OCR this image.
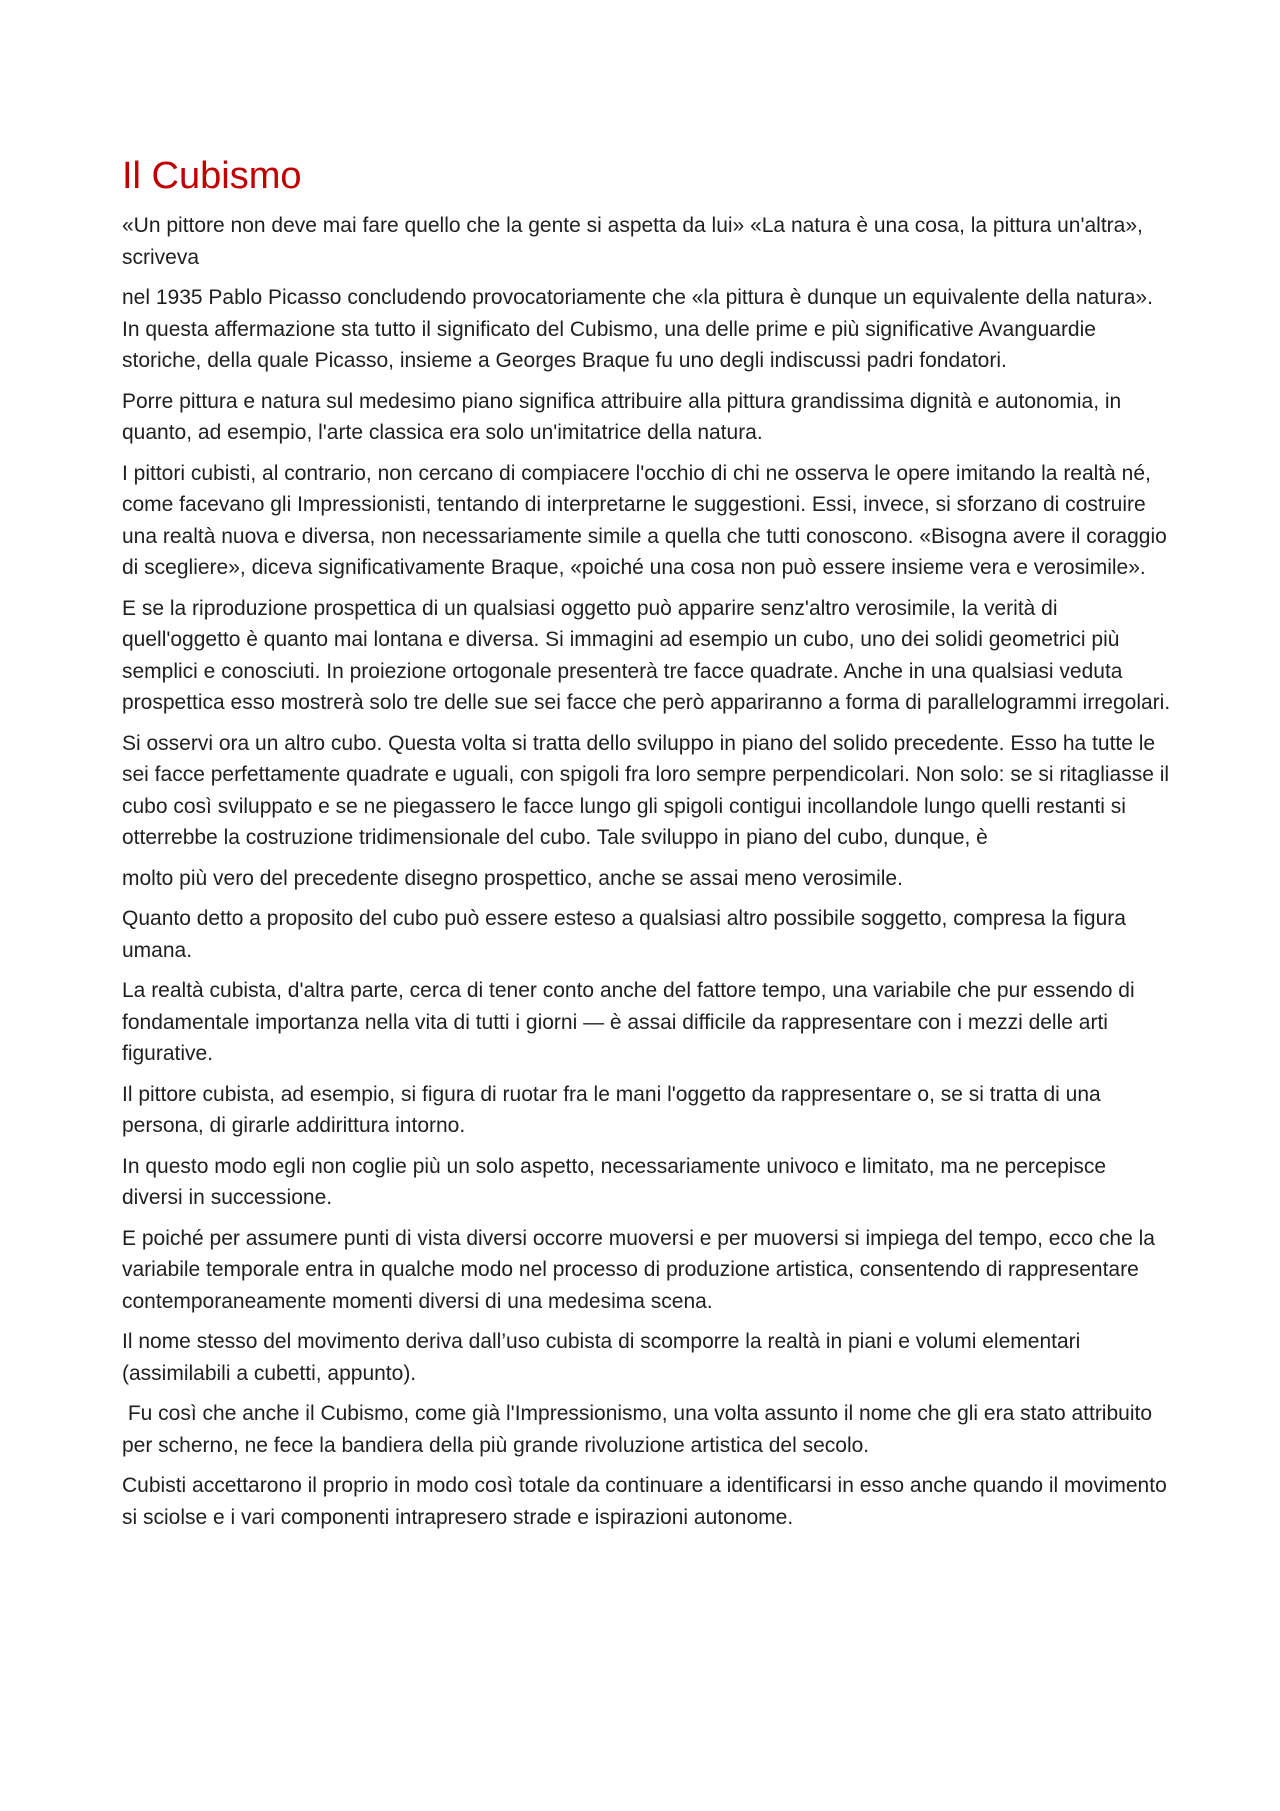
Il Cubismo

«Un pittore non deve mai fare quello che la gente si aspetta da lui» «La natura è una cosa, la pittura un'altra», scriveva

nel 1935 Pablo Picasso concludendo provocatoriamente che «la pittura è dunque un equivalente della natura». In questa affermazione sta tutto il significato del Cubismo, una delle prime e più significative Avanguardie storiche, della quale Picasso, insieme a Georges Braque fu uno degli indiscussi padri fondatori.

Porre pittura e natura sul medesimo piano significa attribuire alla pittura grandissima dignità e autonomia, in quanto, ad esempio, l'arte classica era solo un'imitatrice della natura.

I pittori cubisti, al contrario, non cercano di compiacere l'occhio di chi ne osserva le opere imitando la realtà né, come facevano gli Impressionisti, tentando di interpretarne le suggestioni. Essi, invece, si sforzano di costruire una realtà nuova e diversa, non necessariamente simile a quella che tutti conoscono. «Bisogna avere il coraggio di scegliere», diceva significativamente Braque, «poiché una cosa non può essere insieme vera e verosimile».

E se la riproduzione prospettica di un qualsiasi oggetto può apparire senz'altro verosimile, la verità di quell'oggetto è quanto mai lontana e diversa. Si immagini ad esempio un cubo, uno dei solidi geometrici più semplici e conosciuti. In proiezione ortogonale presenterà tre facce quadrate. Anche in una qualsiasi veduta prospettica esso mostrerà solo tre delle sue sei facce che però appariranno a forma di parallelogrammi irregolari.

Si osservi ora un altro cubo. Questa volta si tratta dello sviluppo in piano del solido precedente. Esso ha tutte le sei facce perfettamente quadrate e uguali, con spigoli fra loro sempre perpendicolari. Non solo: se si ritagliasse il cubo così sviluppato e se ne piegassero le facce lungo gli spigoli contigui incollandole lungo quelli restanti si otterrebbe la costruzione tridimensionale del cubo. Tale sviluppo in piano del cubo, dunque, è

molto più vero del precedente disegno prospettico, anche se assai meno verosimile.

Quanto detto a proposito del cubo può essere esteso a qualsiasi altro possibile soggetto, compresa la figura umana.

La realtà cubista, d'altra parte, cerca di tener conto anche del fattore tempo, una variabile che pur essendo di fondamentale importanza nella vita di tutti i giorni — è assai difficile da rappresentare con i mezzi delle arti figurative.

Il pittore cubista, ad esempio, si figura di ruotar fra le mani l'oggetto da rappresentare o, se si tratta di una persona, di girarle addirittura intorno.

In questo modo egli non coglie più un solo aspetto, necessariamente univoco e limitato, ma ne percepisce diversi in successione.

E poiché per assumere punti di vista diversi occorre muoversi e per muoversi si impiega del tempo, ecco che la variabile temporale entra in qualche modo nel processo di produzione artistica, consentendo di rappresentare contemporaneamente momenti diversi di una medesima scena.

Il nome stesso del movimento deriva dall’uso cubista di scomporre la realtà in piani e volumi elementari (assimilabili a cubetti, appunto).

Fu così che anche il Cubismo, come già l'Impressionismo, una volta assunto il nome che gli era stato attribuito per scherno, ne fece la bandiera della più grande rivoluzione artistica del secolo.

Cubisti accettarono il proprio in modo così totale da continuare a identificarsi in esso anche quando il movimento si sciolse e i vari componenti intrapresero strade e ispirazioni autonome.
